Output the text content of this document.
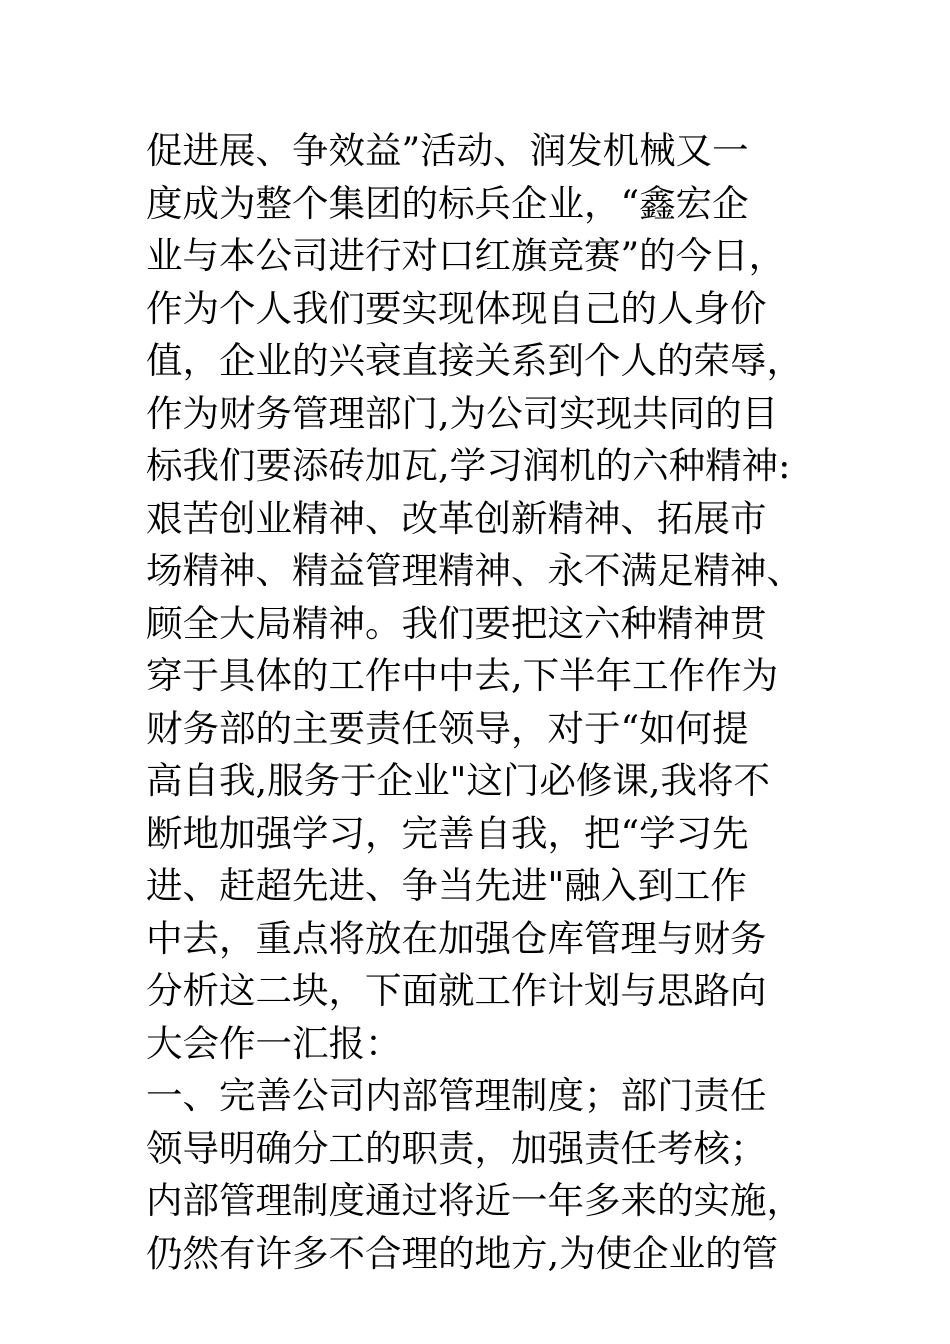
促进展、争效益”活动、润发机械又一
度成为整个集团的标兵企业，“鑫宏企
业与本公司进行对口红旗竞赛”的今日，
作为个人我们要实现体现自己的人身价
值，企业的兴衰直接关系到个人的荣辱，
作为财务管理部门,为公司实现共同的目
标我们要添砖加瓦,学习润机的六种精神:
艰苦创业精神、改革创新精神、拓展市
场精神、精益管理精神、永不满足精神、
顾全大局精神。我们要把这六种精神贯
穿于具体的工作中中去,下半年工作作为
财务部的主要责任领导，对于“如何提
高自我,服务于企业"这门必修课,我将不
断地加强学习，完善自我，把“学习先
进、赶超先进、争当先进"融入到工作
中去，重点将放在加强仓库管理与财务
分析这二块，下面就工作计划与思路向
大会作一汇报：
一、完善公司内部管理制度；部门责任
领导明确分工的职责，加强责任考核；
内部管理制度通过将近一年多来的实施，
仍然有许多不合理的地方,为使企业的管
